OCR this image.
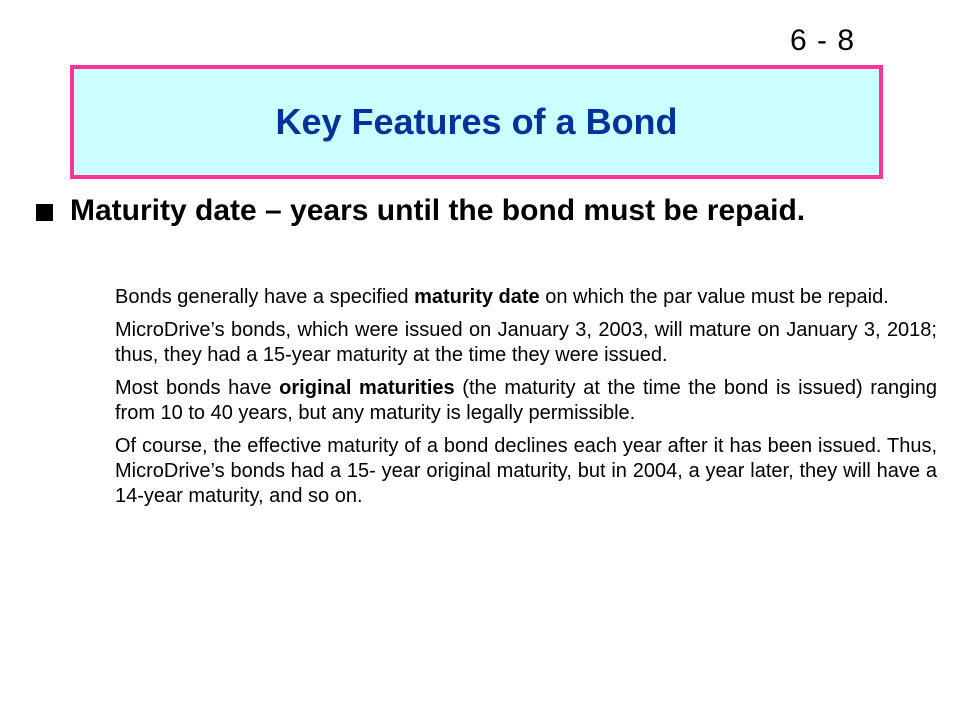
6 - 8
Key Features of a Bond

Maturity date – years until the bond must be repaid.

Bonds generally have a specified maturity date on which the par value must be repaid.

MicroDrive’s bonds, which were issued on January 3, 2003, will mature on January 3, 2018; thus, they had a 15-year maturity at the time they were issued.

Most bonds have original maturities (the maturity at the time the bond is issued) ranging from 10 to 40 years, but any maturity is legally permissible.

Of course, the effective maturity of a bond declines each year after it has been issued. Thus, MicroDrive’s bonds had a 15- year original maturity, but in 2004, a year later, they will have a 14-year maturity, and so on.
